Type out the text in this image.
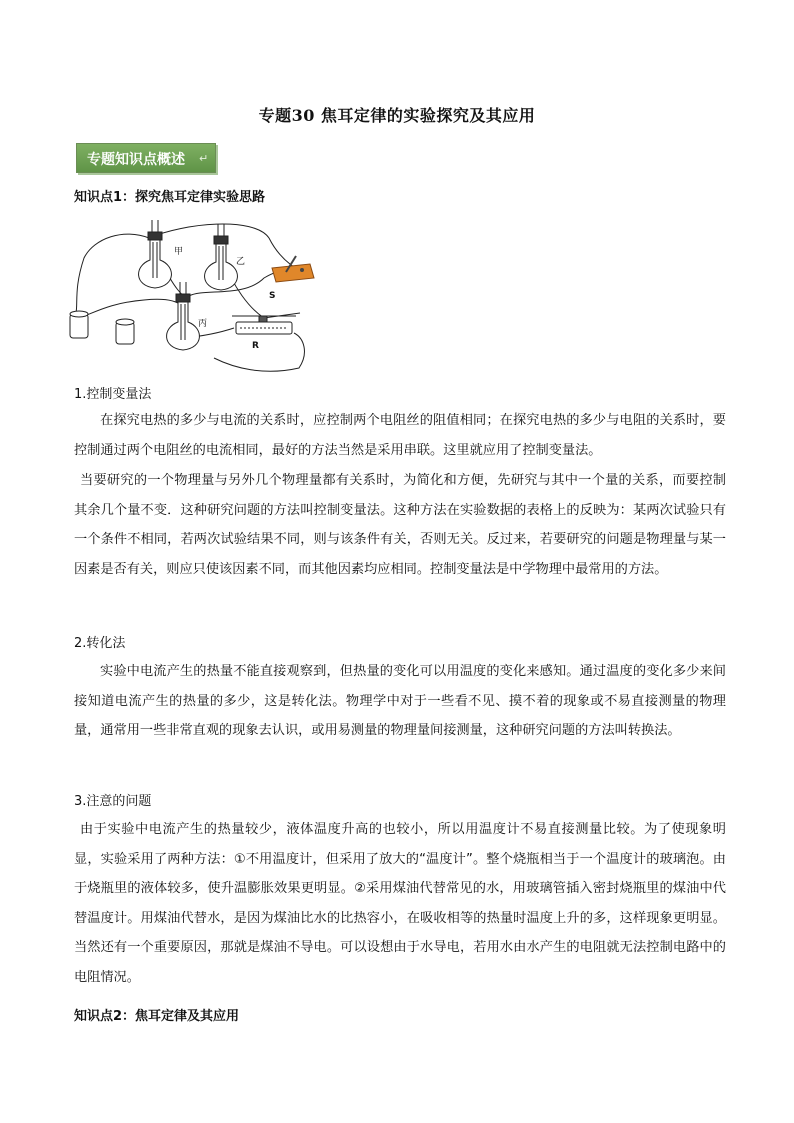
专题30 焦耳定律的实验探究及其应用
专题知识点概述 ↵
知识点1：探究焦耳定律实验思路
甲
乙
丙
S
R
1.控制变量法

在探究电热的多少与电流的关系时，应控制两个电阻丝的阻值相同；在探究电热的多少与电阻的关系时，要控制通过两个电阻丝的电流相同，最好的方法当然是采用串联。这里就应用了控制变量法。

当要研究的一个物理量与另外几个物理量都有关系时，为简化和方便，先研究与其中一个量的关系，而要控制其余几个量不变．这种研究问题的方法叫控制变量法。这种方法在实验数据的表格上的反映为：某两次试验只有一个条件不相同，若两次试验结果不同，则与该条件有关，否则无关。反过来，若要研究的问题是物理量与某一因素是否有关，则应只使该因素不同，而其他因素均应相同。控制变量法是中学物理中最常用的方法。

2.转化法

实验中电流产生的热量不能直接观察到，但热量的变化可以用温度的变化来感知。通过温度的变化多少来间接知道电流产生的热量的多少，这是转化法。物理学中对于一些看不见、摸不着的现象或不易直接测量的物理量，通常用一些非常直观的现象去认识，或用易测量的物理量间接测量，这种研究问题的方法叫转换法。

3.注意的问题

由于实验中电流产生的热量较少，液体温度升高的也较小，所以用温度计不易直接测量比较。为了使现象明显，实验采用了两种方法：①不用温度计，但采用了放大的“温度计”。整个烧瓶相当于一个温度计的玻璃泡。由于烧瓶里的液体较多，使升温膨胀效果更明显。②采用煤油代替常见的水，用玻璃管插入密封烧瓶里的煤油中代替温度计。用煤油代替水，是因为煤油比水的比热容小，在吸收相等的热量时温度上升的多，这样现象更明显。当然还有一个重要原因，那就是煤油不导电。可以设想由于水导电，若用水由水产生的电阻就无法控制电路中的电阻情况。

知识点2：焦耳定律及其应用
